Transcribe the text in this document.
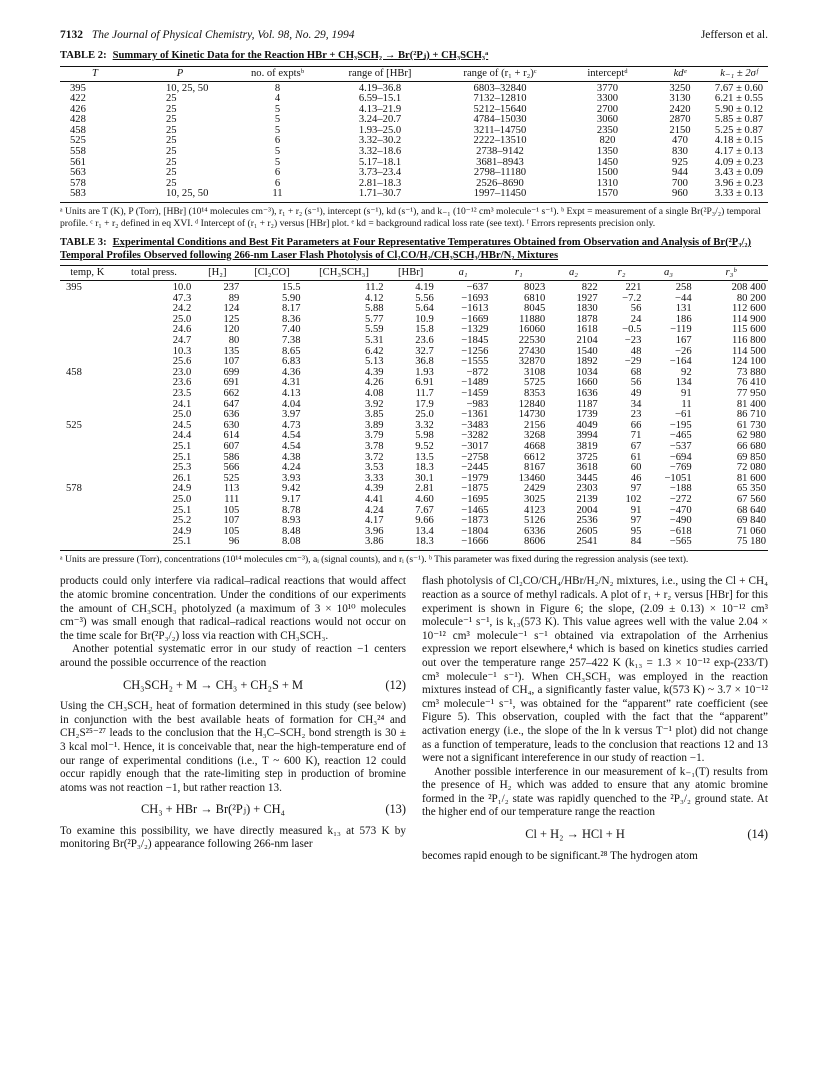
7132 The Journal of Physical Chemistry, Vol. 98, No. 29, 1994	Jefferson et al.
TABLE 2: Summary of Kinetic Data for the Reaction HBr + CH₃SCH₂ → Br(²Pⱼ) + CH₃SCH₃ᵃ
T	P	no. of exptsᵇ	range of [HBr]	range of (r₁ + r₂)ᶜ	interceptᵈ	kdᵉ	k₋₁ ± 2σᶠ
395	10, 25, 50	8	4.19–36.8	6803–32840	3770	3250	7.67 ± 0.60
422	25	4	6.59–15.1	7132–12810	3300	3130	6.21 ± 0.55
426	25	5	4.13–21.9	5212–15640	2700	2420	5.90 ± 0.12
428	25	5	3.24–20.7	4784–15030	3060	2870	5.85 ± 0.87
458	25	5	1.93–25.0	3211–14750	2350	2150	5.25 ± 0.87
525	25	6	3.32–30.2	2222–13510	820	470	4.18 ± 0.15
558	25	5	3.32–18.6	2738–9142	1350	830	4.17 ± 0.13
561	25	5	5.17–18.1	3681–8943	1450	925	4.09 ± 0.23
563	25	6	3.73–23.4	2798–11180	1500	944	3.43 ± 0.09
578	25	6	2.81–18.3	2526–8690	1310	700	3.96 ± 0.23
583	10, 25, 50	11	1.71–30.7	1997–11450	1570	960	3.33 ± 0.13
ᵃ Units are T (K), P (Torr), [HBr] (10¹⁴ molecules cm⁻³), r₁ + r₂ (s⁻¹), intercept (s⁻¹), kd (s⁻¹), and k₋₁ (10⁻¹² cm³ molecule⁻¹ s⁻¹). ᵇ Expt = measurement of a single Br(²P₃/₂) temporal profile. ᶜ r₁ + r₂ defined in eq XVI. ᵈ Intercept of (r₁ + r₂) versus [HBr] plot. ᵉ kd = background radical loss rate (see text). ᶠ Errors represents precision only.
TABLE 3: Experimental Conditions and Best Fit Parameters at Four Representative Temperatures Obtained from Observation and Analysis of Br(²P₃/₂) Temporal Profiles Observed following 266-nm Laser Flash Photolysis of Cl₂CO/H₂/CH₃SCH₃/HBr/N₂ Mixtures
temp, K	total press.	[H₂]	[Cl₂CO]	[CH₃SCH₃]	[HBr]	a₁	r₁	a₂	r₂	a₃	r₃ᵇ
395	10.0	237	15.5	11.2	4.19	−637	8023	822	221	258	208 400
	47.3	89	5.90	4.12	5.56	−1693	6810	1927	−7.2	−44	80 200
	24.2	124	8.17	5.88	5.64	−1613	8045	1830	56	131	112 600
	25.0	125	8.36	5.77	10.9	−1669	11880	1878	24	186	114 900
	24.6	120	7.40	5.59	15.8	−1329	16060	1618	−0.5	−119	115 600
	24.7	80	7.38	5.31	23.6	−1845	22530	2104	−23	167	116 800
	10.3	135	8.65	6.42	32.7	−1256	27430	1540	48	−26	114 500
	25.6	107	6.83	5.13	36.8	−1555	32870	1892	−29	−164	124 100
458	23.0	699	4.36	4.39	1.93	−872	3108	1034	68	92	73 880
	23.6	691	4.31	4.26	6.91	−1489	5725	1660	56	134	76 410
	23.5	662	4.13	4.08	11.7	−1459	8353	1636	49	91	77 950
	24.1	647	4.04	3.92	17.9	−983	12840	1187	34	11	81 400
	25.0	636	3.97	3.85	25.0	−1361	14730	1739	23	−61	86 710
525	24.5	630	4.73	3.89	3.32	−3483	2156	4049	66	−195	61 730
	24.4	614	4.54	3.79	5.98	−3282	3268	3994	71	−465	62 980
	25.1	607	4.54	3.78	9.52	−3017	4668	3819	67	−537	66 680
	25.1	586	4.38	3.72	13.5	−2758	6612	3725	61	−694	69 850
	25.3	566	4.24	3.53	18.3	−2445	8167	3618	60	−769	72 080
	26.1	525	3.93	3.33	30.1	−1979	13460	3445	46	−1051	81 600
578	24.9	113	9.42	4.39	2.81	−1875	2429	2303	97	−188	65 350
	25.0	111	9.17	4.41	4.60	−1695	3025	2139	102	−272	67 560
	25.1	105	8.78	4.24	7.67	−1465	4123	2004	91	−470	68 640
	25.2	107	8.93	4.17	9.66	−1873	5126	2536	97	−490	69 840
	24.9	105	8.48	3.96	13.4	−1804	6336	2605	95	−618	71 060
	25.1	96	8.08	3.86	18.3	−1666	8606	2541	84	−565	75 180
ᵃ Units are pressure (Torr), concentrations (10¹⁴ molecules cm⁻³), aᵢ (signal counts), and rᵢ (s⁻¹). ᵇ This parameter was fixed during the regression analysis (see text).

products could only interfere via radical–radical reactions that would affect the atomic bromine concentration. Under the conditions of our experiments the amount of CH₃SCH₃ photolyzed (a maximum of 3 × 10¹⁰ molecules cm⁻³) was small enough that radical–radical reactions would not occur on the time scale for Br(²P₃/₂) loss via reaction with CH₃SCH₃.

Another potential systematic error in our study of reaction −1 centers around the possible occurrence of the reaction

CH₃SCH₂ + M → CH₃ + CH₂S + M	(12)

Using the CH₃SCH₂ heat of formation determined in this study (see below) in conjunction with the best available heats of formation for CH₃²⁴ and CH₂S²⁵⁻²⁷ leads to the conclusion that the H₃C–SCH₂ bond strength is 30 ± 3 kcal mol⁻¹. Hence, it is conceivable that, near the high-temperature end of our range of experimental conditions (i.e., T ~ 600 K), reaction 12 could occur rapidly enough that the rate-limiting step in production of bromine atoms was not reaction −1, but rather reaction 13.

CH₃ + HBr → Br(²Pⱼ) + CH₄	(13)

To examine this possibility, we have directly measured k₁₃ at 573 K by monitoring Br(²P₃/₂) appearance following 266-nm laser

flash photolysis of Cl₂CO/CH₄/HBr/H₂/N₂ mixtures, i.e., using the Cl + CH₄ reaction as a source of methyl radicals. A plot of r₁ + r₂ versus [HBr] for this experiment is shown in Figure 6; the slope, (2.09 ± 0.13) × 10⁻¹² cm³ molecule⁻¹ s⁻¹, is k₁₃(573 K). This value agrees well with the value 2.04 × 10⁻¹² cm³ molecule⁻¹ s⁻¹ obtained via extrapolation of the Arrhenius expression we report elsewhere,⁴ which is based on kinetics studies carried out over the temperature range 257–422 K (k₁₃ = 1.3 × 10⁻¹² exp-(233/T) cm³ molecule⁻¹ s⁻¹). When CH₃SCH₃ was employed in the reaction mixtures instead of CH₄, a significantly faster value, k(573 K) ~ 3.7 × 10⁻¹² cm³ molecule⁻¹ s⁻¹, was obtained for the “apparent” rate coefficient (see Figure 5). This observation, coupled with the fact that the “apparent” activation energy (i.e., the slope of the ln k versus T⁻¹ plot) did not change as a function of temperature, leads to the conclusion that reactions 12 and 13 were not a significant intereference in our study of reaction −1.

Another possible interference in our measurement of k₋₁(T) results from the presence of H₂ which was added to ensure that any atomic bromine formed in the ²P₁/₂ state was rapidly quenched to the ²P₃/₂ ground state. At the higher end of our temperature range the reaction

Cl + H₂ → HCl + H	(14)

becomes rapid enough to be significant.²⁸ The hydrogen atom
